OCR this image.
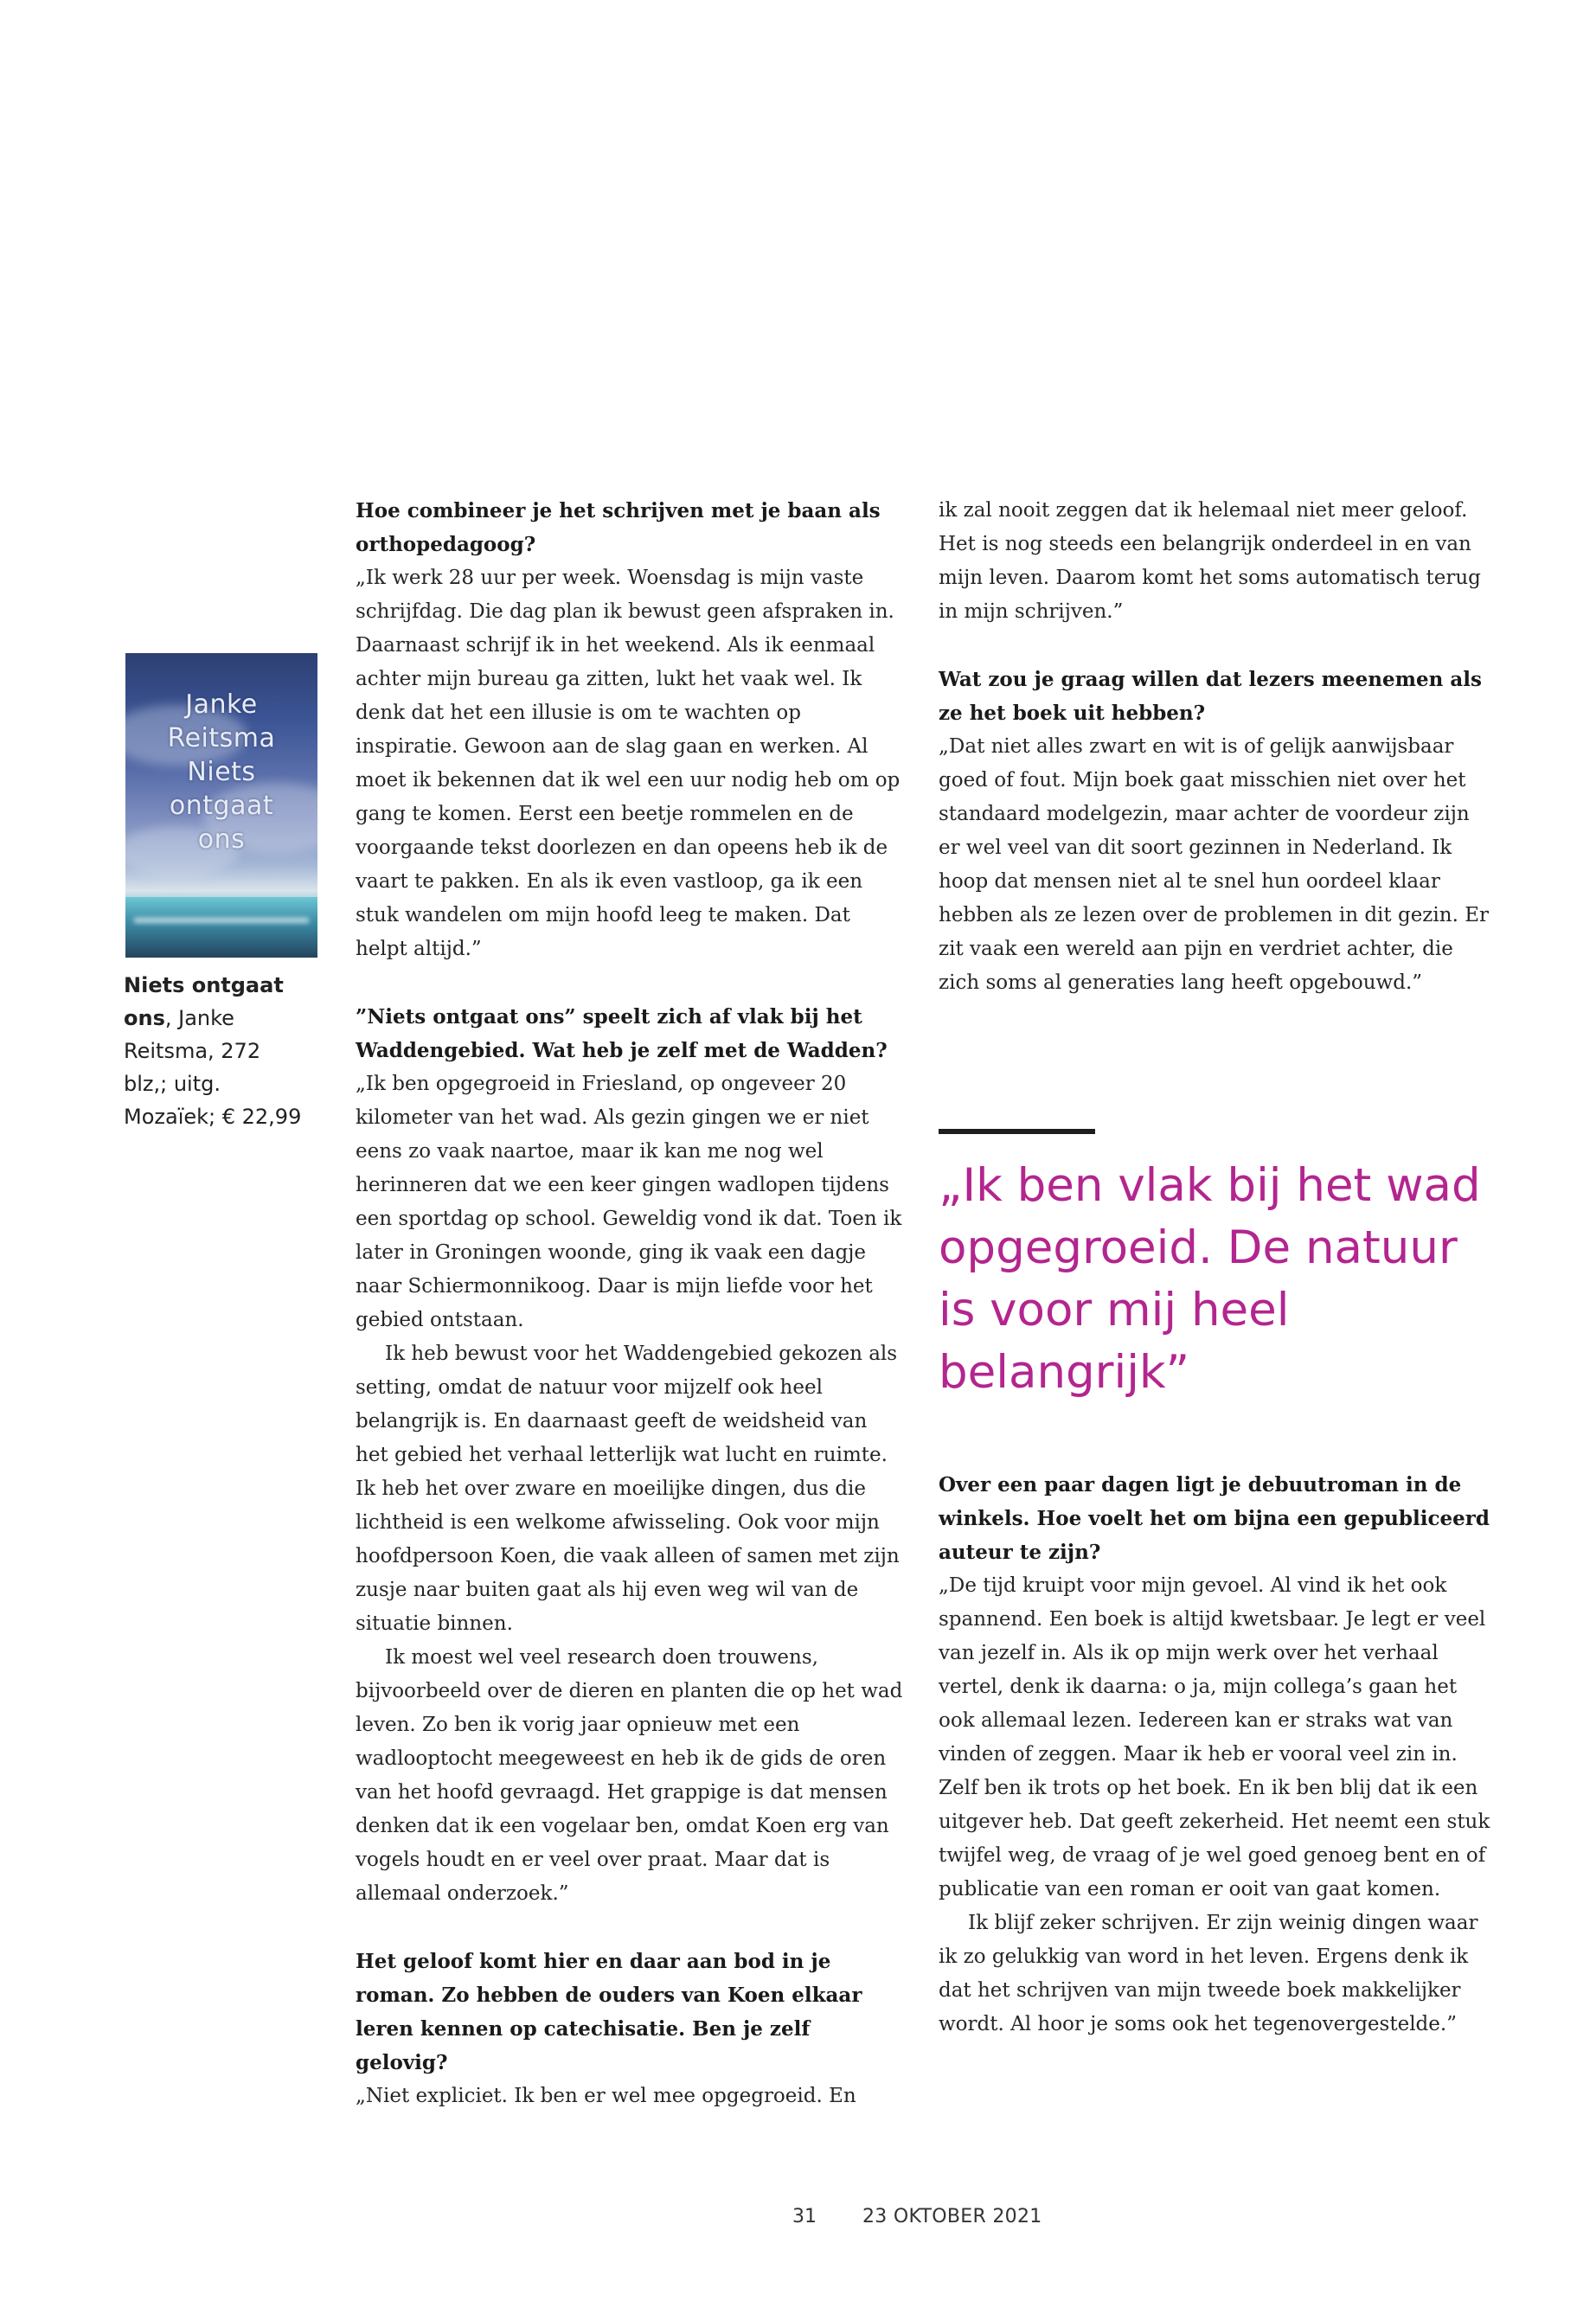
Janke
Reitsma
Niets
ontgaat
ons
Niets ontgaat ons, Janke Reitsma, 272 blz,; uitg. Mozaïek; € 22,99

Hoe combineer je het schrijven met je baan als orthopedagoog?

„Ik werk 28 uur per week. Woensdag is mijn vaste schrijfdag. Die dag plan ik bewust geen afspraken in. Daarnaast schrijf ik in het weekend. Als ik eenmaal achter mijn bureau ga zitten, lukt het vaak wel. Ik denk dat het een illusie is om te wachten op inspiratie. Gewoon aan de slag gaan en werken. Al moet ik bekennen dat ik wel een uur nodig heb om op gang te komen. Eerst een beetje rommelen en de voorgaande tekst doorlezen en dan opeens heb ik de vaart te pakken. En als ik even vastloop, ga ik een stuk wandelen om mijn hoofd leeg te maken. Dat helpt altijd.”

”Niets ontgaat ons” speelt zich af vlak bij het Waddengebied. Wat heb je zelf met de Wadden?

„Ik ben opgegroeid in Friesland, op ongeveer 20 kilometer van het wad. Als gezin gingen we er niet eens zo vaak naartoe, maar ik kan me nog wel herinneren dat we een keer gingen wadlopen tijdens een sportdag op school. Geweldig vond ik dat. Toen ik later in Groningen woonde, ging ik vaak een dagje naar Schiermonnikoog. Daar is mijn liefde voor het gebied ontstaan.

Ik heb bewust voor het Waddengebied gekozen als setting, omdat de natuur voor mijzelf ook heel belangrijk is. En daarnaast geeft de weidsheid van het gebied het verhaal letterlijk wat lucht en ruimte. Ik heb het over zware en moeilijke dingen, dus die lichtheid is een welkome afwisseling. Ook voor mijn hoofdpersoon Koen, die vaak alleen of samen met zijn zusje naar buiten gaat als hij even weg wil van de situatie binnen.

Ik moest wel veel research doen trouwens, bijvoorbeeld over de dieren en planten die op het wad leven. Zo ben ik vorig jaar opnieuw met een wadlooptocht meegeweest en heb ik de gids de oren van het hoofd gevraagd. Het grappige is dat mensen denken dat ik een vogelaar ben, omdat Koen erg van vogels houdt en er veel over praat. Maar dat is allemaal onderzoek.”

Het geloof komt hier en daar aan bod in je roman. Zo hebben de ouders van Koen elkaar leren kennen op catechisatie. Ben je zelf gelovig?

„Niet expliciet. Ik ben er wel mee opgegroeid. En

ik zal nooit zeggen dat ik helemaal niet meer geloof. Het is nog steeds een belangrijk onderdeel in en van mijn leven. Daarom komt het soms automatisch terug in mijn schrijven.”

Wat zou je graag willen dat lezers meenemen als ze het boek uit hebben?

„Dat niet alles zwart en wit is of gelijk aanwijsbaar goed of fout. Mijn boek gaat misschien niet over het standaard modelgezin, maar achter de voordeur zijn er wel veel van dit soort gezinnen in Nederland. Ik hoop dat mensen niet al te snel hun oordeel klaar hebben als ze lezen over de problemen in dit gezin. Er zit vaak een wereld aan pijn en verdriet achter, die zich soms al generaties lang heeft opgebouwd.”

„Ik ben vlak bij het wad opgegroeid. De natuur is voor mij heel belangrijk”

Over een paar dagen ligt je debuutroman in de winkels. Hoe voelt het om bijna een gepubliceerd auteur te zijn?

„De tijd kruipt voor mijn gevoel. Al vind ik het ook spannend. Een boek is altijd kwetsbaar. Je legt er veel van jezelf in. Als ik op mijn werk over het verhaal vertel, denk ik daarna: o ja, mijn collega’s gaan het ook allemaal lezen. Iedereen kan er straks wat van vinden of zeggen. Maar ik heb er vooral veel zin in. Zelf ben ik trots op het boek. En ik ben blij dat ik een uitgever heb. Dat geeft zekerheid. Het neemt een stuk twijfel weg, de vraag of je wel goed genoeg bent en of publicatie van een roman er ooit van gaat komen.

Ik blijf zeker schrijven. Er zijn weinig dingen waar ik zo gelukkig van word in het leven. Ergens denk ik dat het schrijven van mijn tweede boek makkelijker wordt. Al hoor je soms ook het tegenovergestelde.”

31 23 OKTOBER 2021
